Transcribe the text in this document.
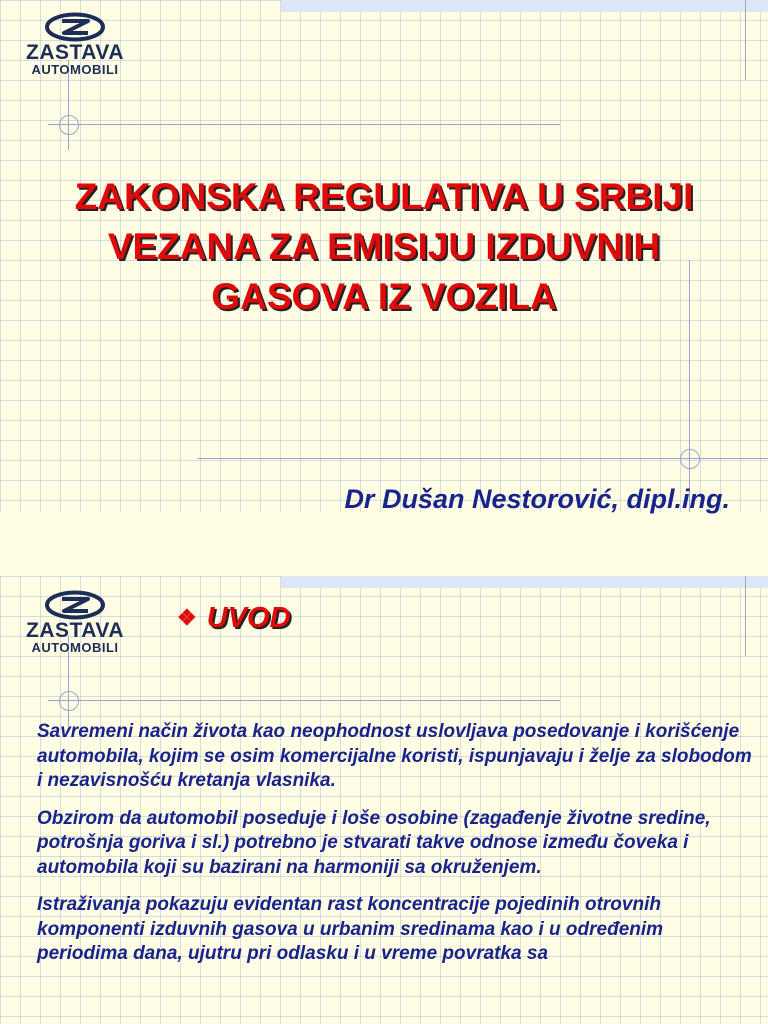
ZASTAVA
AUTOMOBILI
ZAKONSKA REGULATIVA U SRBIJI
VEZANA ZA EMISIJU IZDUVNIH
GASOVA IZ VOZILA

Dr Dušan Nestorović, dipl.ing.

ZASTAVA
AUTOMOBILI

❖ UVOD

Savremeni način života kao neophodnost uslovljava posedovanje i korišćenje automobila, kojim se osim komercijalne koristi, ispunjavaju i želje za slobodom i nezavisnošću kretanja vlasnika.

Obzirom da automobil poseduje i loše osobine (zagađenje životne sredine, potrošnja goriva i sl.) potrebno je stvarati takve odnose između čoveka i automobila koji su bazirani na harmoniji sa okruženjem.

Istraživanja pokazuju evidentan rast koncentracije pojedinih otrovnih komponenti izduvnih gasova u urbanim sredinama kao i u određenim periodima dana, ujutru pri odlasku i u vreme povratka sa
